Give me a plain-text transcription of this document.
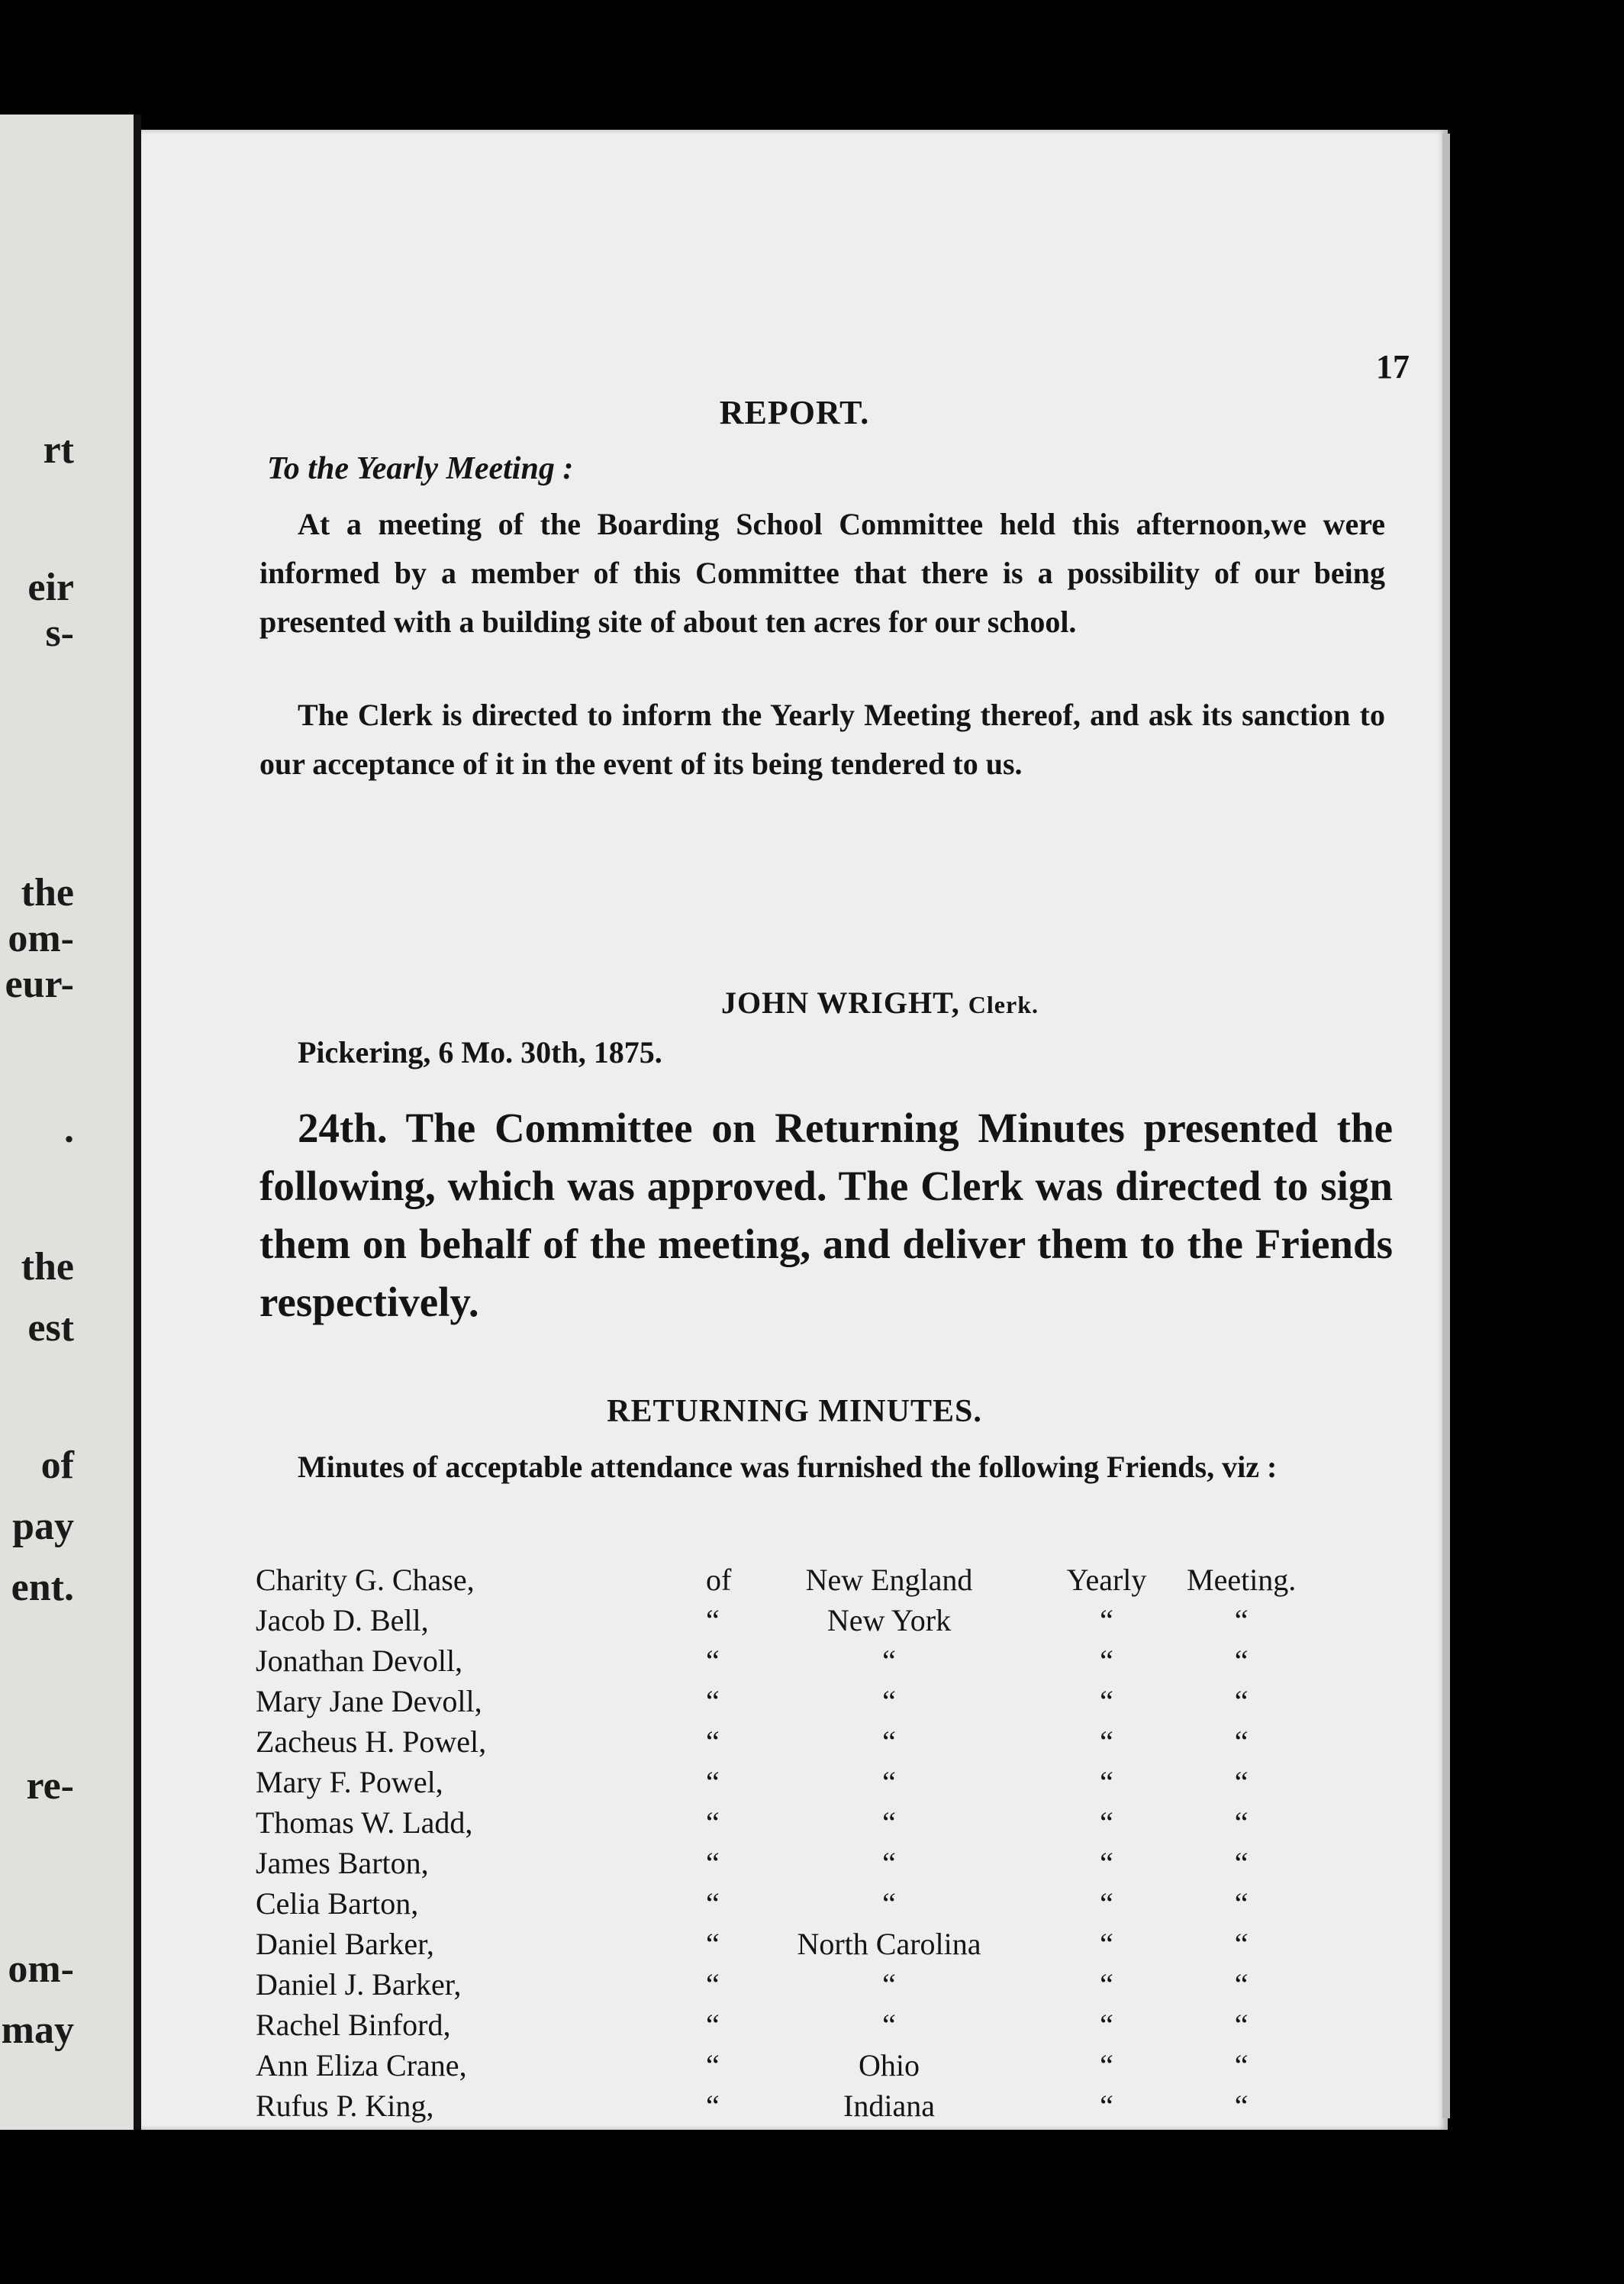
rt
eir
s-
the
om-
eur-
.
the
est
of
pay
ent.
re-
om-
may
17
REPORT.
To the Yearly Meeting :
At a meeting of the Boarding School Committee held this afternoon,we were informed by a member of this Committee that there is a possibility of our being presented with a building site of about ten acres for our school.
The Clerk is directed to inform the Yearly Meeting thereof, and ask its sanction to our acceptance of it in the event of its being tendered to us.
JOHN WRIGHT, Clerk.
Pickering, 6 Mo. 30th, 1875.
24th. The Committee on Returning Minutes presented the following, which was approved. The Clerk was directed to sign them on behalf of the meeting, and deliver them to the Friends respectively.
RETURNING MINUTES.
Minutes of acceptable attendance was furnished the following Friends, viz :
Charity G. Chase,	of	New England	Yearly	Meeting.
Jacob D. Bell,	“	New York	“	“
Jonathan Devoll,	“	“	“	“
Mary Jane Devoll,	“	“	“	“
Zacheus H. Powel,	“	“	“	“
Mary F. Powel,	“	“	“	“
Thomas W. Ladd,	“	“	“	“
James Barton,	“	“	“	“
Celia Barton,	“	“	“	“
Daniel Barker,	“	North Carolina	“	“
Daniel J. Barker,	“	“	“	“
Rachel Binford,	“	“	“	“
Ann Eliza Crane,	“	Ohio	“	“
Rufus P. King,	“	Indiana	“	“
